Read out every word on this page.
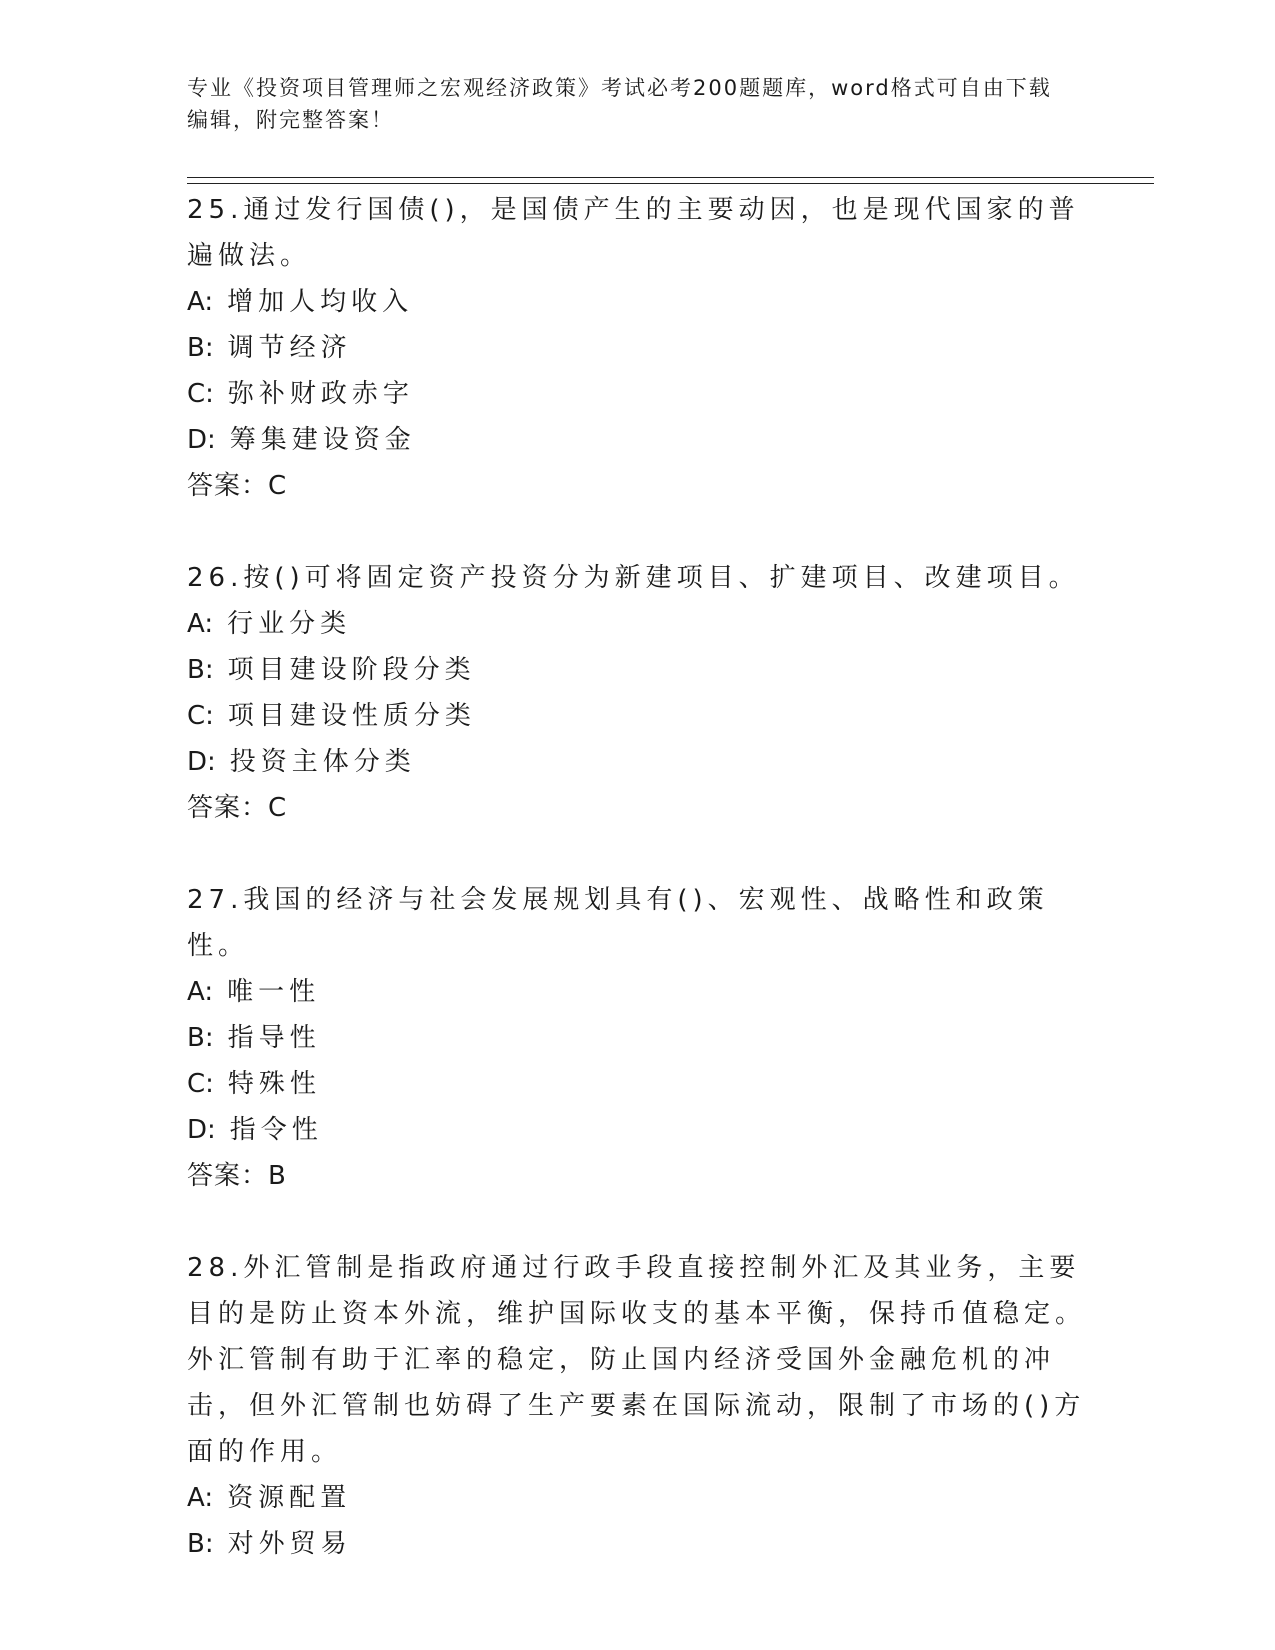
专业《投资项目管理师之宏观经济政策》考试必考200题题库，word格式可自由下载编辑，附完整答案！

25.通过发行国债()，是国债产生的主要动因，也是现代国家的普遍做法。

A: 增加人均收入

B: 调节经济

C: 弥补财政赤字

D: 筹集建设资金

答案：C

26.按()可将固定资产投资分为新建项目、扩建项目、改建项目。

A: 行业分类

B: 项目建设阶段分类

C: 项目建设性质分类

D: 投资主体分类

答案：C

27.我国的经济与社会发展规划具有()、宏观性、战略性和政策性。

A: 唯一性

B: 指导性

C: 特殊性

D: 指令性

答案：B

28.外汇管制是指政府通过行政手段直接控制外汇及其业务，主要目的是防止资本外流，维护国际收支的基本平衡，保持币值稳定。外汇管制有助于汇率的稳定，防止国内经济受国外金融危机的冲击，但外汇管制也妨碍了生产要素在国际流动，限制了市场的()方面的作用。

A: 资源配置

B: 对外贸易
